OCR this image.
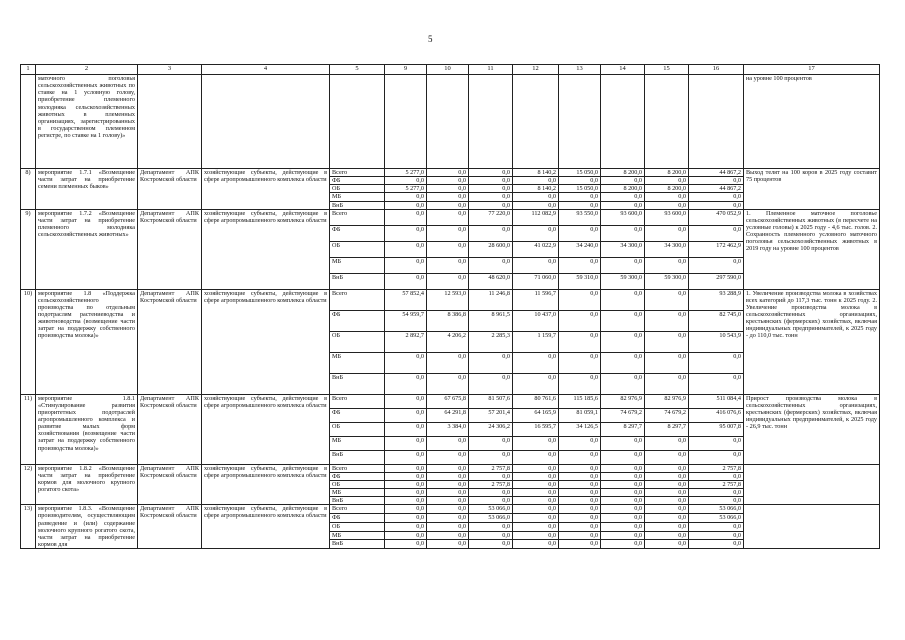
5
1	2	3	4	5	9	10	11	12	13	14	15	16	17
	маточного поголовья сельскохозяйственных животных по ставке на 1 условную голову, приобретение племенного молодняка сельскохозяйственных животных в племенных организациях, зарегистрированных в государственном племенном регистре, по ставке на 1 голову)»												на уровне 100 процентов
8)	мероприятие 1.7.1 «Возмещение части затрат на приобретение семени племенных быков»	Департамент АПК Костромской области	хозяйствующие субъекты, действующие в сфере агропромышленного комплекса области	Всего	5 277,0	0,0	0,0	8 140,2	15 050,0	8 200,0	8 200,0	44 867,2	Выход телят на 100 коров в 2025 году составит 75 процентов
				ФБ	0,0	0,0	0,0	0,0	0,0	0,0	0,0	0,0	
				ОБ	5 277,0	0,0	0,0	8 140,2	15 050,0	8 200,0	8 200,0	44 867,2	
				МБ	0,0	0,0	0,0	0,0	0,0	0,0	0,0	0,0	
				ВнБ	0,0	0,0	0,0	0,0	0,0	0,0	0,0	0,0	
9)	мероприятие 1.7.2 «Возмещение части затрат на приобретение племенного молодняка сельскохозяйственных животных»	Департамент АПК Костромской области	хозяйствующие субъекты, действующие в сфере агропромышленного комплекса области	Всего	0,0	0,0	77 220,0	112 082,9	93 550,0	93 600,0	93 600,0	470 052,9	1. Племенное маточное поголовье сельскохозяйственных животных (в пересчете на условные головы) к 2025 году - 4,6 тыс. голов. 2. Сохранность племенного условного маточного поголовья сельскохозяйственных животных в 2019 году на уровне 100 процентов
				ФБ	0,0	0,0	0,0	0,0	0,0	0,0	0,0	0,0	
				ОБ	0,0	0,0	28 600,0	41 022,9	34 240,0	34 300,0	34 300,0	172 462,9	
				МБ	0,0	0,0	0,0	0,0	0,0	0,0	0,0	0,0	
				ВнБ	0,0	0,0	48 620,0	71 060,0	59 310,0	59 300,0	59 300,0	297 590,0	
10)	мероприятие 1.8 «Поддержка сельскохозяйственного производства по отдельным подотраслям растениеводства и животноводства (возмещение части затрат на поддержку собственного производства молока)»	Департамент АПК Костромской области	хозяйствующие субъекты, действующие в сфере агропромышленного комплекса области	Всего	57 852,4	12 593,0	11 246,8	11 596,7	0,0	0,0	0,0	93 288,9	1. Увеличение производства молока в хозяйствах всех категорий до 117,3 тыс. тонн к 2025 году. 2. Увеличение производства молока в сельскохозяйственных организациях, крестьянских (фермерских) хозяйствах, включая индивидуальных предпринимателей, к 2025 году - до 110,0 тыс. тонн
				ФБ	54 959,7	8 386,8	8 961,5	10 437,0	0,0	0,0	0,0	82 745,0	
				ОБ	2 892,7	4 206,2	2 285,3	1 159,7	0,0	0,0	0,0	10 543,9	
				МБ	0,0	0,0	0,0	0,0	0,0	0,0	0,0	0,0	
				ВнБ	0,0	0,0	0,0	0,0	0,0	0,0	0,0	0,0	
11)	мероприятие 1.8.1 «Стимулирование развития приоритетных подотраслей агропромышленного комплекса и развитие малых форм хозяйствования (возмещение части затрат на поддержку собственного производства молока)»	Департамент АПК Костромской области	хозяйствующие субъекты, действующие в сфере агропромышленного комплекса области	Всего	0,0	67 675,8	81 507,6	80 761,6	115 185,6	82 976,9	82 976,9	511 084,4	Прирост производства молока в сельскохозяйственных организациях, крестьянских (фермерских) хозяйствах, включая индивидуальных предпринимателей, к 2025 году - 26,9 тыс. тонн
				ФБ	0,0	64 291,8	57 201,4	64 165,9	81 059,1	74 679,2	74 679,2	416 076,6	
				ОБ	0,0	3 384,0	24 306,2	16 595,7	34 126,5	8 297,7	8 297,7	95 007,8	
				МБ	0,0	0,0	0,0	0,0	0,0	0,0	0,0	0,0	
				ВнБ	0,0	0,0	0,0	0,0	0,0	0,0	0,0	0,0	
12)	мероприятие 1.8.2 «Возмещение части затрат на приобретение кормов для молочного крупного рогатого скота»	Департамент АПК Костромской области	хозяйствующие субъекты, действующие в сфере агропромышленного комплекса области	Всего	0,0	0,0	2 757,8	0,0	0,0	0,0	0,0	2 757,8	
				ФБ	0,0	0,0	0,0	0,0	0,0	0,0	0,0	0,0	
				ОБ	0,0	0,0	2 757,8	0,0	0,0	0,0	0,0	2 757,8	
				МБ	0,0	0,0	0,0	0,0	0,0	0,0	0,0	0,0	
				ВнБ	0,0	0,0	0,0	0,0	0,0	0,0	0,0	0,0	
13)	мероприятие 1.8.3. «Возмещение производителям, осуществляющим разведение и (или) содержание молочного крупного рогатого скота, части затрат на приобретение кормов для	Департамент АПК Костромской области	хозяйствующие субъекты, действующие в сфере агропромышленного комплекса области	Всего	0,0	0,0	53 066,0	0,0	0,0	0,0	0,0	53 066,0	
				ФБ	0,0	0,0	53 066,0	0,0	0,0	0,0	0,0	53 066,0	
				ОБ	0,0	0,0	0,0	0,0	0,0	0,0	0,0	0,0	
				МБ	0,0	0,0	0,0	0,0	0,0	0,0	0,0	0,0	
				ВнБ	0,0	0,0	0,0	0,0	0,0	0,0	0,0	0,0	
